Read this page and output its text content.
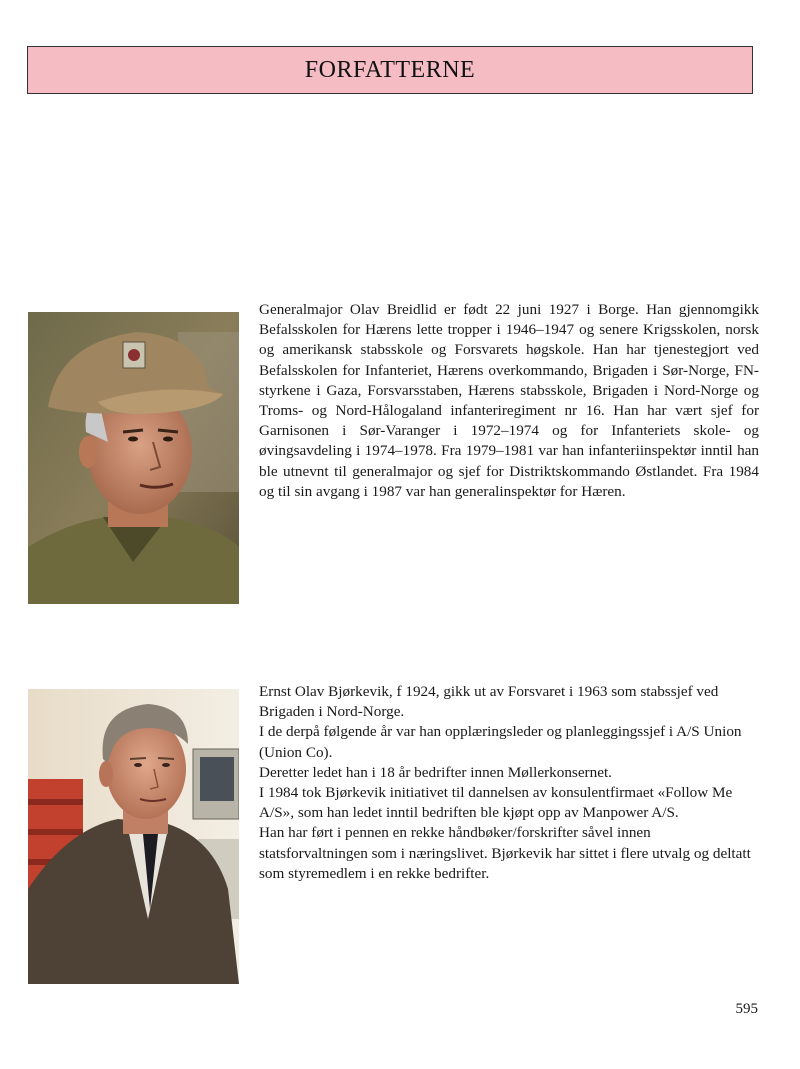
FORFATTERNE

Generalmajor Olav Breidlid er født 22 juni 1927 i Borge. Han gjennomgikk Befalsskolen for Hærens lette tropper i 1946–1947 og senere Krigsskolen, norsk og amerikansk stabsskole og Forsvarets høgskole. Han har tjenestegjort ved Befalsskolen for Infanteriet, Hærens overkommando, Brigaden i Sør-Norge, FN-styrkene i Gaza, Forsvarsstaben, Hærens stabsskole, Brigaden i Nord-Norge og Troms- og Nord-Hålogaland infanteriregiment nr 16. Han har vært sjef for Garnisonen i Sør-Varanger i 1972–1974 og for Infanteriets skole- og øvingsavdeling i 1974–1978. Fra 1979–1981 var han infanteriinspektør inntil han ble utnevnt til generalmajor og sjef for Distriktskommando Østlandet. Fra 1984 og til sin avgang i 1987 var han generalinspektør for Hæren.

Ernst Olav Bjørkevik, f 1924, gikk ut av Forsvaret i 1963 som stabssjef ved Brigaden i Nord-Norge.

I de derpå følgende år var han opplæringsleder og planleggingssjef i A/S Union (Union Co).

Deretter ledet han i 18 år bedrifter innen Møllerkonsernet.

I 1984 tok Bjørkevik initiativet til dannelsen av konsulentfirmaet «Follow Me A/S», som han ledet inntil bedriften ble kjøpt opp av Manpower A/S.

Han har ført i pennen en rekke håndbøker/forskrifter såvel innen statsforvaltningen som i næringslivet. Bjørkevik har sittet i flere utvalg og deltatt som styremedlem i en rekke bedrifter.

595
